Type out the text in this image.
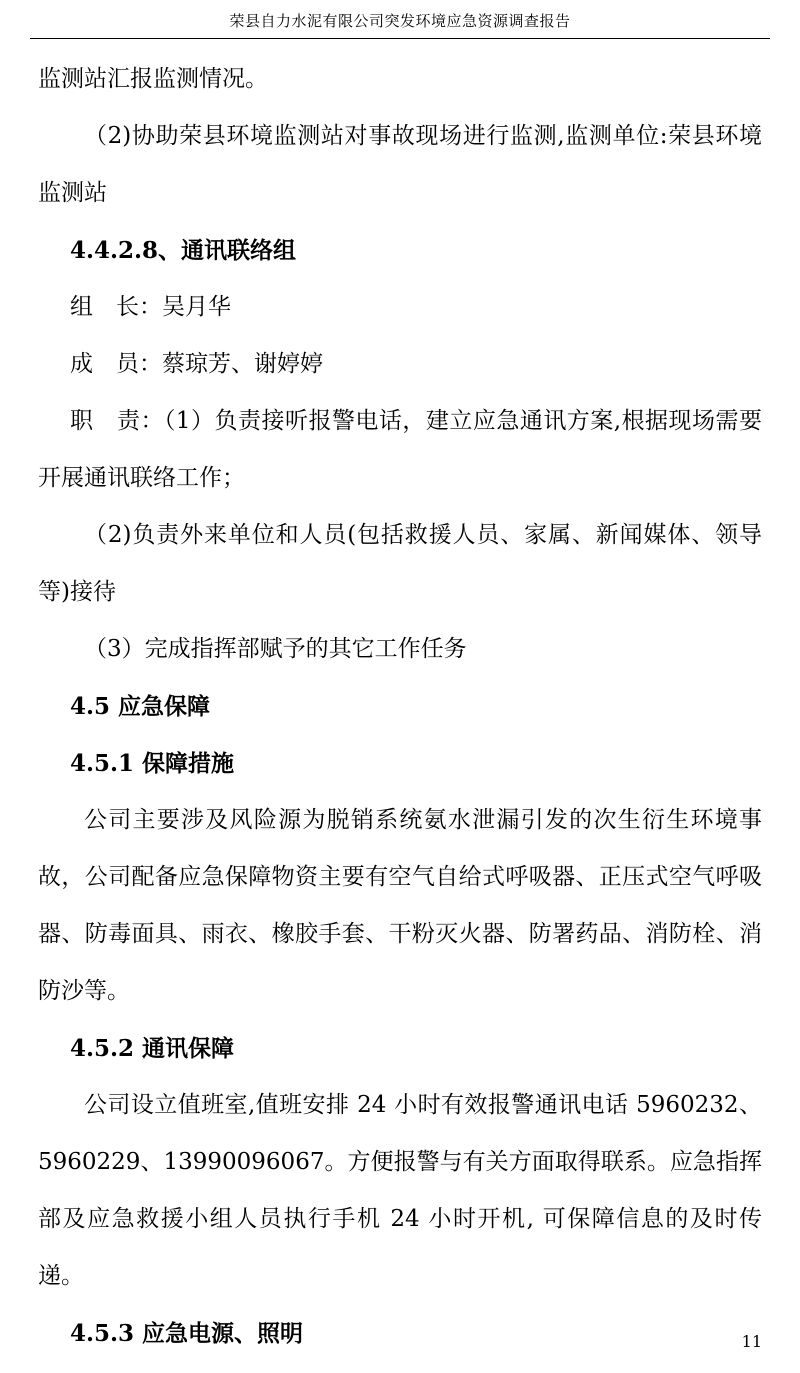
荣县自力水泥有限公司突发环境应急资源调查报告

监测站汇报监测情况。

（2)协助荣县环境监测站对事故现场进行监测,监测单位:荣县环境监测站

4.4.2.8、通讯联络组

组　长：吴月华

成　员：蔡琼芳、谢婷婷

职　责：（1）负责接听报警电话，建立应急通讯方案,根据现场需要开展通讯联络工作；

（2)负责外来单位和人员(包括救援人员、家属、新闻媒体、领导等)接待

（3）完成指挥部赋予的其它工作任务

4.5 应急保障

4.5.1 保障措施

公司主要涉及风险源为脱销系统氨水泄漏引发的次生衍生环境事故，公司配备应急保障物资主要有空气自给式呼吸器、正压式空气呼吸器、防毒面具、雨衣、橡胶手套、干粉灭火器、防署药品、消防栓、消防沙等。

4.5.2 通讯保障

公司设立值班室,值班安排 24 小时有效报警通讯电话 5960232、5960229、13990096067。方便报警与有关方面取得联系。应急指挥部及应急救援小组人员执行手机 24 小时开机, 可保障信息的及时传递。

4.5.3 应急电源、照明	11
